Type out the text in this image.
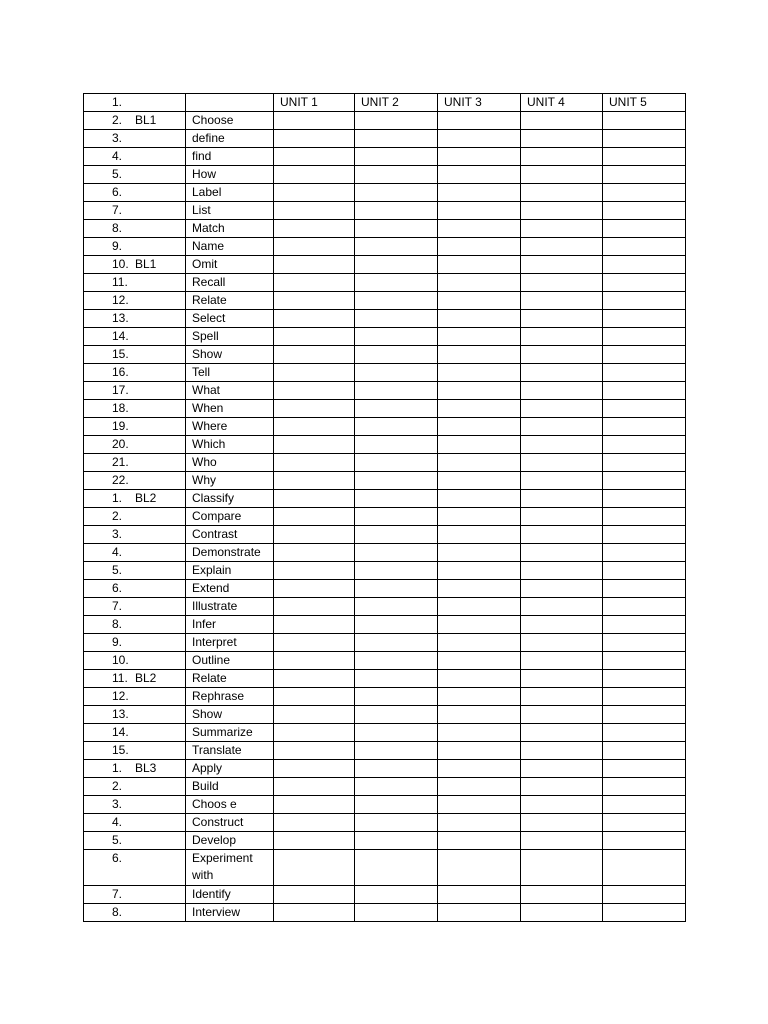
1.		UNIT 1	UNIT 2	UNIT 3	UNIT 4	UNIT 5
2. BL1	Choose					
3.	define					
4.	find					
5.	How					
6.	Label					
7.	List					
8.	Match					
9.	Name					
10. BL1	Omit					
11.	Recall					
12.	Relate					
13.	Select					
14.	Spell					
15.	Show					
16.	Tell					
17.	What					
18.	When					
19.	Where					
20.	Which					
21.	Who					
22.	Why					
1. BL2	Classify					
2.	Compare					
3.	Contrast					
4.	Demonstrate					
5.	Explain					
6.	Extend					
7.	Illustrate					
8.	Infer					
9.	Interpret					
10.	Outline					
11. BL2	Relate					
12.	Rephrase					
13.	Show					
14.	Summarize					
15.	Translate					
1. BL3	Apply					
2.	Build					
3.	Choos e					
4.	Construct					
5.	Develop					
6.	Experiment with					
7.	Identify					
8.	Interview					
